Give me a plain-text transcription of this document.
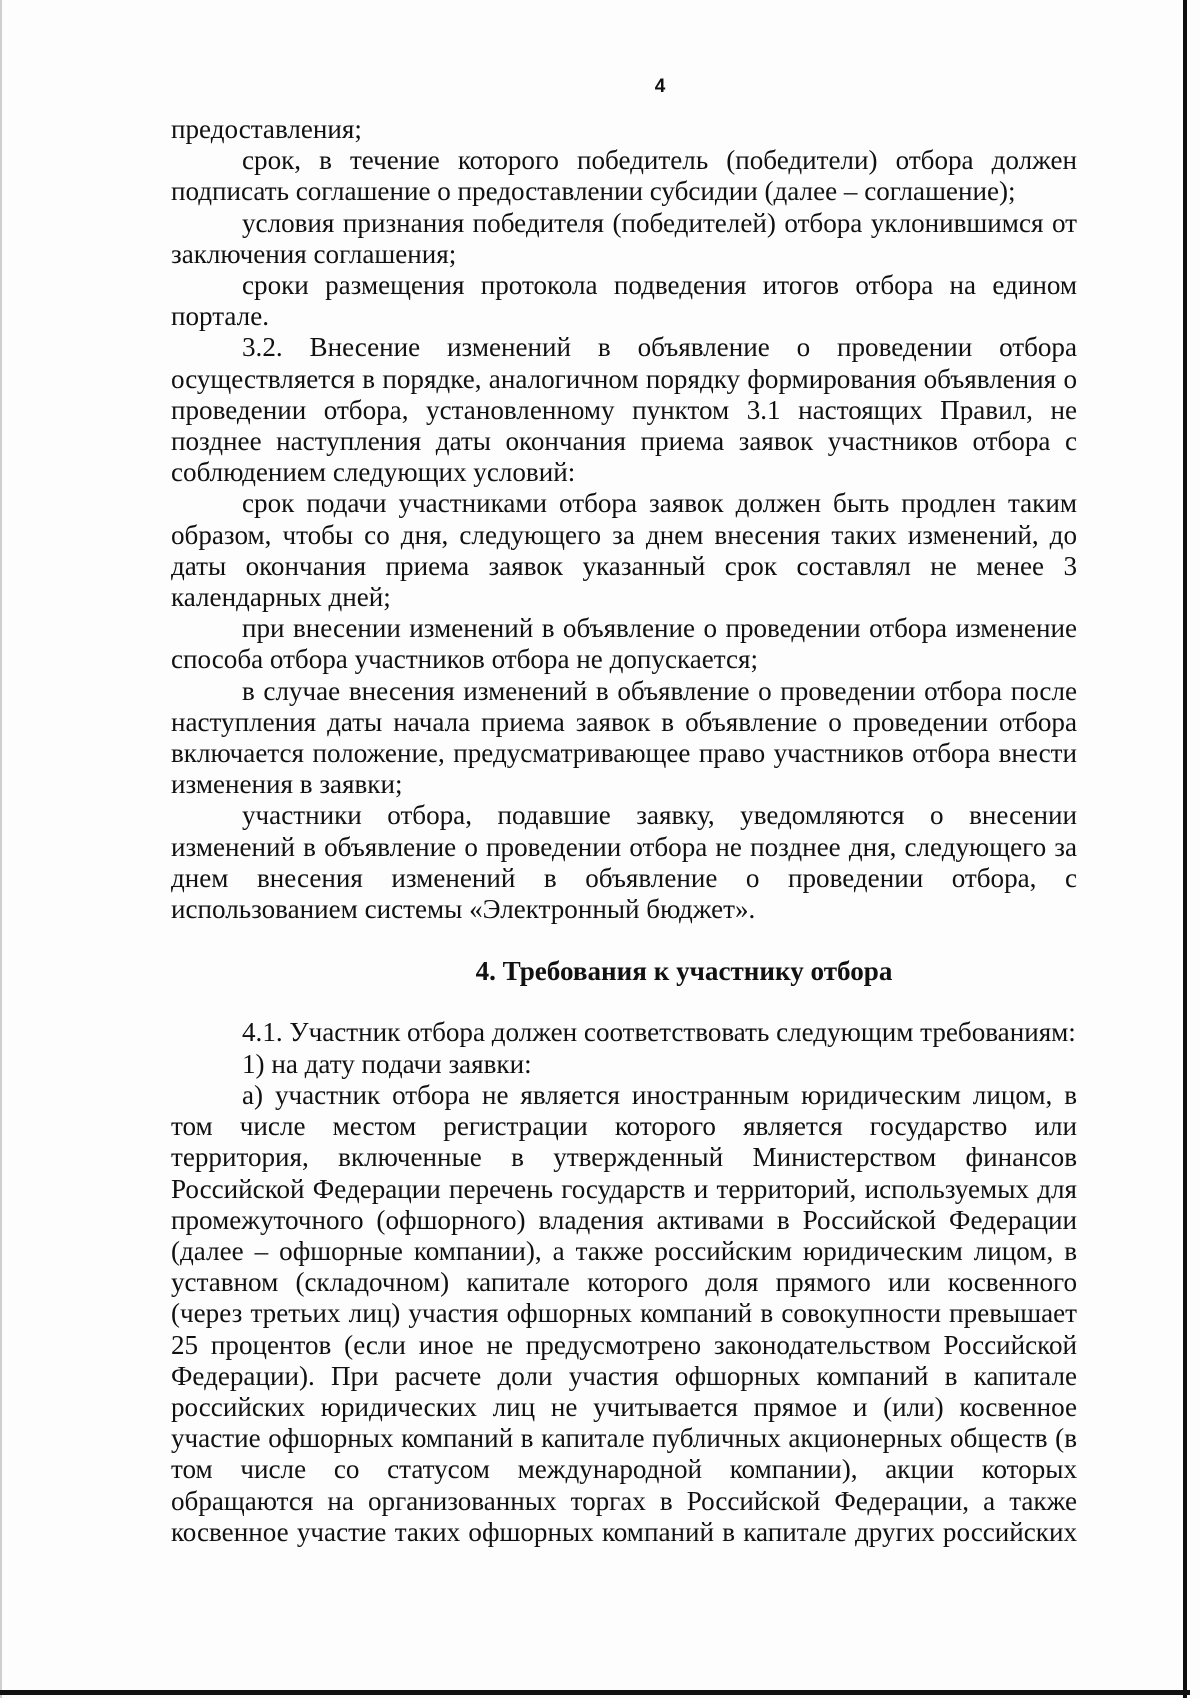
4

предоставления;

срок, в течение которого победитель (победители) отбора должен подписать соглашение о предоставлении субсидии (далее – соглашение);

условия признания победителя (победителей) отбора уклонившимся от заключения соглашения;

сроки размещения протокола подведения итогов отбора на едином портале.

3.2. Внесение изменений в объявление о проведении отбора осуществляется в порядке, аналогичном порядку формирования объявления о проведении отбора, установленному пунктом 3.1 настоящих Правил, не позднее наступления даты окончания приема заявок участников отбора с соблюдением следующих условий:

срок подачи участниками отбора заявок должен быть продлен таким образом, чтобы со дня, следующего за днем внесения таких изменений, до даты окончания приема заявок указанный срок составлял не менее 3 календарных дней;

при внесении изменений в объявление о проведении отбора изменение способа отбора участников отбора не допускается;

в случае внесения изменений в объявление о проведении отбора после наступления даты начала приема заявок в объявление о проведении отбора включается положение, предусматривающее право участников отбора внести изменения в заявки;

участники отбора, подавшие заявку, уведомляются о внесении изменений в объявление о проведении отбора не позднее дня, следующего за днем внесения изменений в объявление о проведении отбора, с использованием системы «Электронный бюджет».

4. Требования к участнику отбора

4.1. Участник отбора должен соответствовать следующим требованиям:

1) на дату подачи заявки:

а) участник отбора не является иностранным юридическим лицом, в том числе местом регистрации которого является государство или территория, включенные в утвержденный Министерством финансов Российской Федерации перечень государств и территорий, используемых для промежуточного (офшорного) владения активами в Российской Федерации (далее – офшорные компании), а также российским юридическим лицом, в уставном (складочном) капитале которого доля прямого или косвенного (через третьих лиц) участия офшорных компаний в совокупности превышает 25 процентов (если иное не предусмотрено законодательством Российской Федерации). При расчете доли участия офшорных компаний в капитале российских юридических лиц не учитывается прямое и (или) косвенное участие офшорных компаний в капитале публичных акционерных обществ (в том числе со статусом международной компании), акции которых обращаются на организованных торгах в Российской Федерации, а также косвенное участие таких офшорных компаний в капитале других российских
